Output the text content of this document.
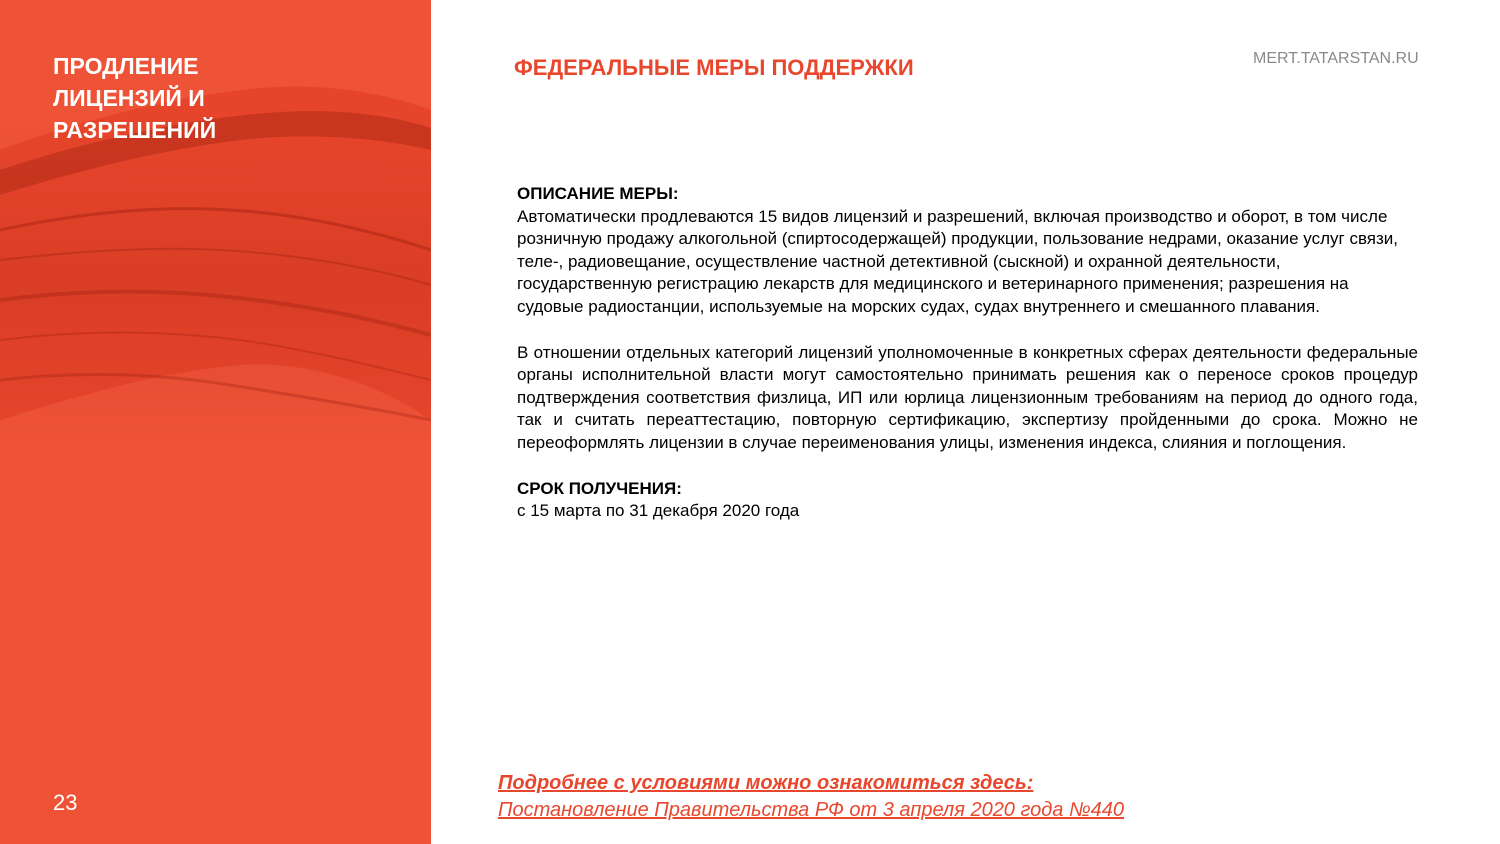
ПРОДЛЕНИЕ
ЛИЦЕНЗИЙ И
РАЗРЕШЕНИЙ
23
ФЕДЕРАЛЬНЫЕ МЕРЫ ПОДДЕРЖКИ	MERT.TATARSTAN.RU

ОПИСАНИЕ МЕРЫ:

Автоматически продлеваются 15 видов лицензий и разрешений, включая производство и оборот, в том числе розничную продажу алкогольной (спиртосодержащей) продукции, пользование недрами, оказание услуг связи, теле-, радиовещание, осуществление частной детективной (сыскной) и охранной деятельности, государственную регистрацию лекарств для медицинского и ветеринарного применения; разрешения на судовые радиостанции, используемые на морских судах, судах внутреннего и смешанного плавания.

В отношении отдельных категорий лицензий уполномоченные в конкретных сферах деятельности федеральные органы исполнительной власти могут самостоятельно принимать решения как о переносе сроков процедур подтверждения соответствия физлица, ИП или юрлица лицензионным требованиям на период до одного года, так и считать переаттестацию, повторную сертификацию, экспертизу пройденными до срока. Можно не переоформлять лицензии в случае переименования улицы, изменения индекса, слияния и поглощения.

СРОК ПОЛУЧЕНИЯ:

с 15 марта по 31 декабря 2020 года

Подробнее с условиями можно ознакомиться здесь:
Постановление Правительства РФ от 3 апреля 2020 года №440
